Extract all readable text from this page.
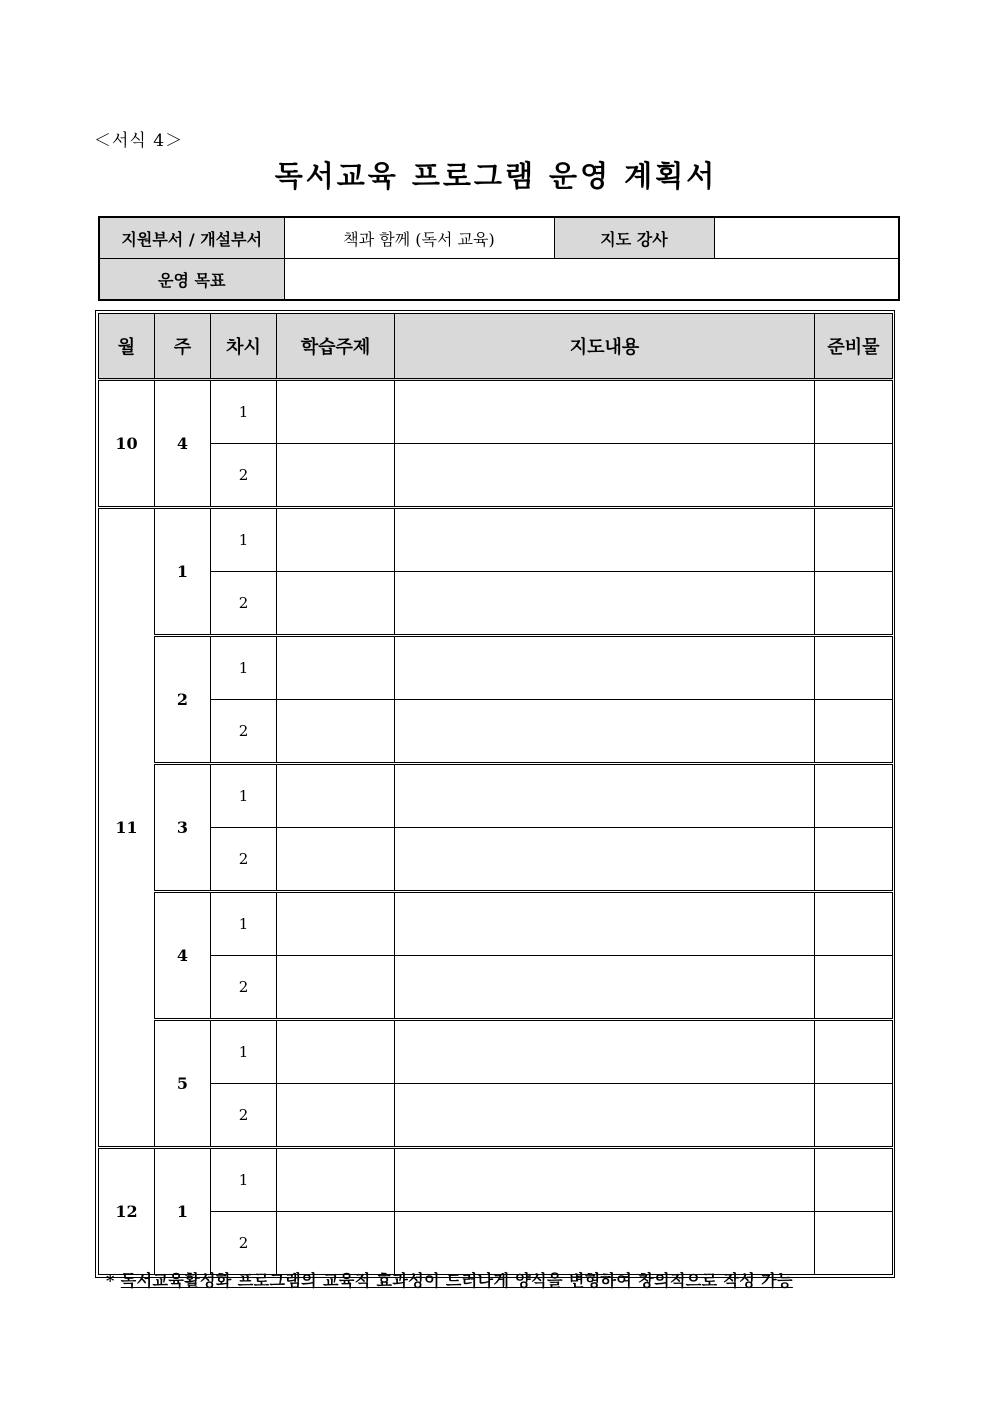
＜서식 4＞
독서교육 프로그램 운영 계획서
지원부서 / 개설부서	책과 함께 (독서 교육)	지도 강사	
운영 목표			
월	주	차시	학습주제	지도내용	준비물
10	4	1			
		2			
11	1	1			
		2			
	2	1			
		2			
	3	1			
		2			
	4	1			
		2			
	5	1			
		2			
12	1	1			
		2			
* 독서교육활성화 프로그램의 교육적 효과성이 드러나게 양식을 변형하여 창의적으로 작성 가능
